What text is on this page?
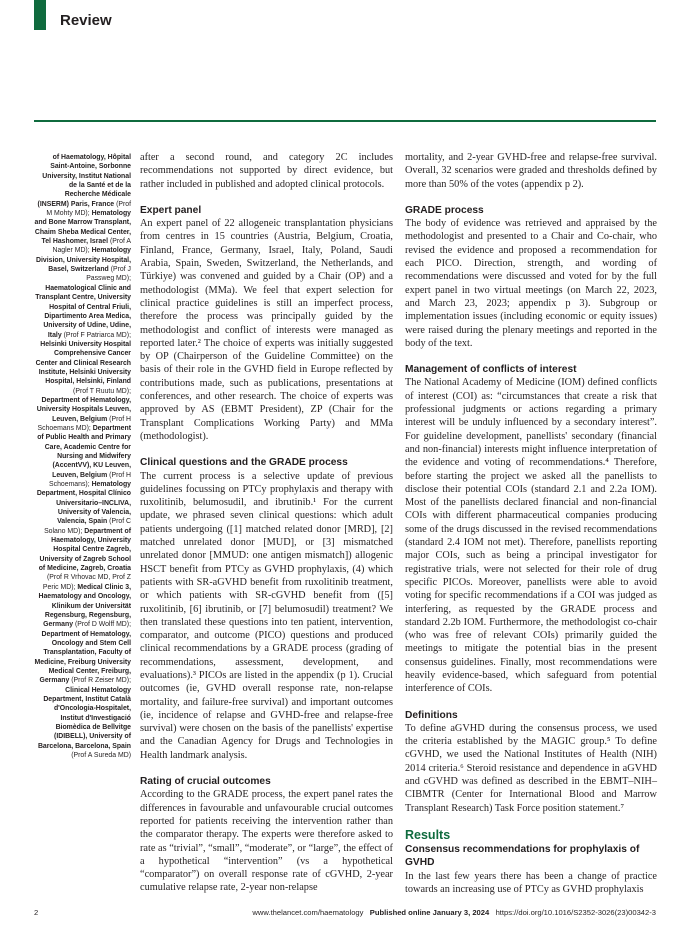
Review
of Haematology, Hôpital Saint-Antoine, Sorbonne University, Institut National de la Santé et de la Recherche Médicale (INSERM) Paris, France (Prof M Mohty MD); Hematology and Bone Marrow Transplant, Chaim Sheba Medical Center, Tel Hashomer, Israel (Prof A Nagler MD); Hematology Division, University Hospital, Basel, Switzerland (Prof J Passweg MD); Haematological Clinic and Transplant Centre, University Hospital of Central Friuli, Dipartimento Area Medica, University of Udine, Udine, Italy (Prof F Patriarca MD); Helsinki University Hospital Comprehensive Cancer Center and Clinical Research Institute, Helsinki University Hospital, Helsinki, Finland (Prof T Ruutu MD); Department of Hematology, University Hospitals Leuven, Leuven, Belgium (Prof H Schoemans MD); Department of Public Health and Primary Care, Academic Centre for Nursing and Midwifery (AccentVV), KU Leuven, Leuven, Belgium (Prof H Schoemans); Hematology Department, Hospital Clínico Universitario–INCLIVA, University of Valencia, Valencia, Spain (Prof C Solano MD); Department of Haematology, University Hospital Centre Zagreb, University of Zagreb School of Medicine, Zagreb, Croatia (Prof R Vrhovac MD, Prof Z Peric MD); Medical Clinic 3, Haematology and Oncology, Klinikum der Universität Regensburg, Regensburg, Germany (Prof D Wolff MD); Department of Hematology, Oncology and Stem Cell Transplantation, Faculty of Medicine, Freiburg University Medical Center, Freiburg, Germany (Prof R Zeiser MD); Clinical Hematology Department, Institut Català d'Oncologia-Hospitalet, Institut d'Investigació Biomèdica de Bellvitge (IDIBELL), University of Barcelona, Barcelona, Spain (Prof A Sureda MD)

after a second round, and category 2C includes recommendations not supported by direct evidence, but rather included in published and adopted clinical protocols.

Expert panel

An expert panel of 22 allogeneic transplantation physicians from centres in 15 countries (Austria, Belgium, Croatia, Finland, France, Germany, Israel, Italy, Poland, Saudi Arabia, Spain, Sweden, Switzerland, the Netherlands, and Türkiye) was convened and guided by a Chair (OP) and a methodologist (MMa). We feel that expert selection for clinical practice guidelines is still an imperfect process, therefore the process was principally guided by the methodologist and conflict of interests were managed as reported later.² The choice of experts was initially suggested by OP (Chairperson of the Guideline Committee) on the basis of their role in the GVHD field in Europe reflected by contributions made, such as publications, presentations at conferences, and other research. The choice of experts was approved by AS (EBMT President), ZP (Chair for the Transplant Complications Working Party) and MMa (methodologist).

Clinical questions and the GRADE process

The current process is a selective update of previous guidelines focussing on PTCy prophylaxis and therapy with ruxolitinib, belumosudil, and ibrutinib.¹ For the current update, we phrased seven clinical questions: which adult patients undergoing ([1] matched related donor [MRD], [2] matched unrelated donor [MUD], or [3] mismatched unrelated donor [MMUD: one antigen mismatch]) allogenic HSCT benefit from PTCy as GVHD prophylaxis, (4) which patients with SR-aGVHD benefit from ruxolitinib treatment, or which patients with SR-cGVHD benefit from ([5] ruxolitinib, [6] ibrutinib, or [7] belumosudil) treatment? We then translated these questions into ten patient, intervention, comparator, and outcome (PICO) questions and produced clinical recommendations by a GRADE process (grading of recommendations, assessment, development, and evaluations).³ PICOs are listed in the appendix (p 1). Crucial outcomes (ie, GVHD overall response rate, non-relapse mortality, and failure-free survival) and important outcomes (ie, incidence of relapse and GVHD-free and relapse-free survival) were chosen on the basis of the panellists' expertise and the Canadian Agency for Drugs and Technologies in Health landmark analysis.

Rating of crucial outcomes

According to the GRADE process, the expert panel rates the differences in favourable and unfavourable crucial outcomes reported for patients receiving the intervention rather than the comparator therapy. The experts were therefore asked to rate as “trivial”, “small”, “moderate”, or “large”, the effect of a hypothetical “intervention” (vs a hypothetical “comparator”) on overall response rate of cGVHD, 2-year cumulative relapse rate, 2-year non-relapse

mortality, and 2-year GVHD-free and relapse-free survival. Overall, 32 scenarios were graded and thresholds defined by more than 50% of the votes (appendix p 2).

GRADE process

The body of evidence was retrieved and appraised by the methodologist and presented to a Chair and Co-chair, who revised the evidence and proposed a recommendation for each PICO. Direction, strength, and wording of recommendations were discussed and voted for by the full expert panel in two virtual meetings (on March 22, 2023, and March 23, 2023; appendix p 3). Subgroup or implementation issues (including economic or equity issues) were raised during the plenary meetings and reported in the body of the text.

Management of conflicts of interest

The National Academy of Medicine (IOM) defined conflicts of interest (COI) as: “circumstances that create a risk that professional judgments or actions regarding a primary interest will be unduly influenced by a secondary interest”. For guideline development, panellists' secondary (financial and non-financial) interests might influence interpretation of the evidence and voting of recommendations.⁴ Therefore, before starting the project we asked all the panellists to disclose their potential COIs (standard 2.1 and 2.2a IOM). Most of the panellists declared financial and non-financial COIs with different pharmaceutical companies producing some of the drugs discussed in the revised recommendations (standard 2.4 IOM not met). Therefore, panellists reporting major COIs, such as being a principal investigator for registrative trials, were not selected for their role of drug specific PICOs. Moreover, panellists were able to avoid voting for specific recommendations if a COI was judged as interfering, as requested by the GRADE process and standard 2.2b IOM. Furthermore, the methodologist co-chair (who was free of relevant COIs) primarily guided the meetings to mitigate the potential bias in the present consensus guidelines. Finally, most recommendations were heavily evidence-based, which safeguard from potential interference of COIs.

Definitions

To define aGVHD during the consensus process, we used the criteria established by the MAGIC group.⁵ To define cGVHD, we used the National Institutes of Health (NIH) 2014 criteria.⁶ Steroid resistance and dependence in aGVHD and cGVHD was defined as described in the EBMT–NIH–CIBMTR (Center for International Blood and Marrow Transplant Research) Task Force position statement.⁷

Results
Consensus recommendations for prophylaxis of GVHD

In the last few years there has been a change of practice towards an increasing use of PTCy as GVHD prophylaxis

2	www.thelancet.com/haematology Published online January 3, 2024 https://doi.org/10.1016/S2352-3026(23)00342-3
